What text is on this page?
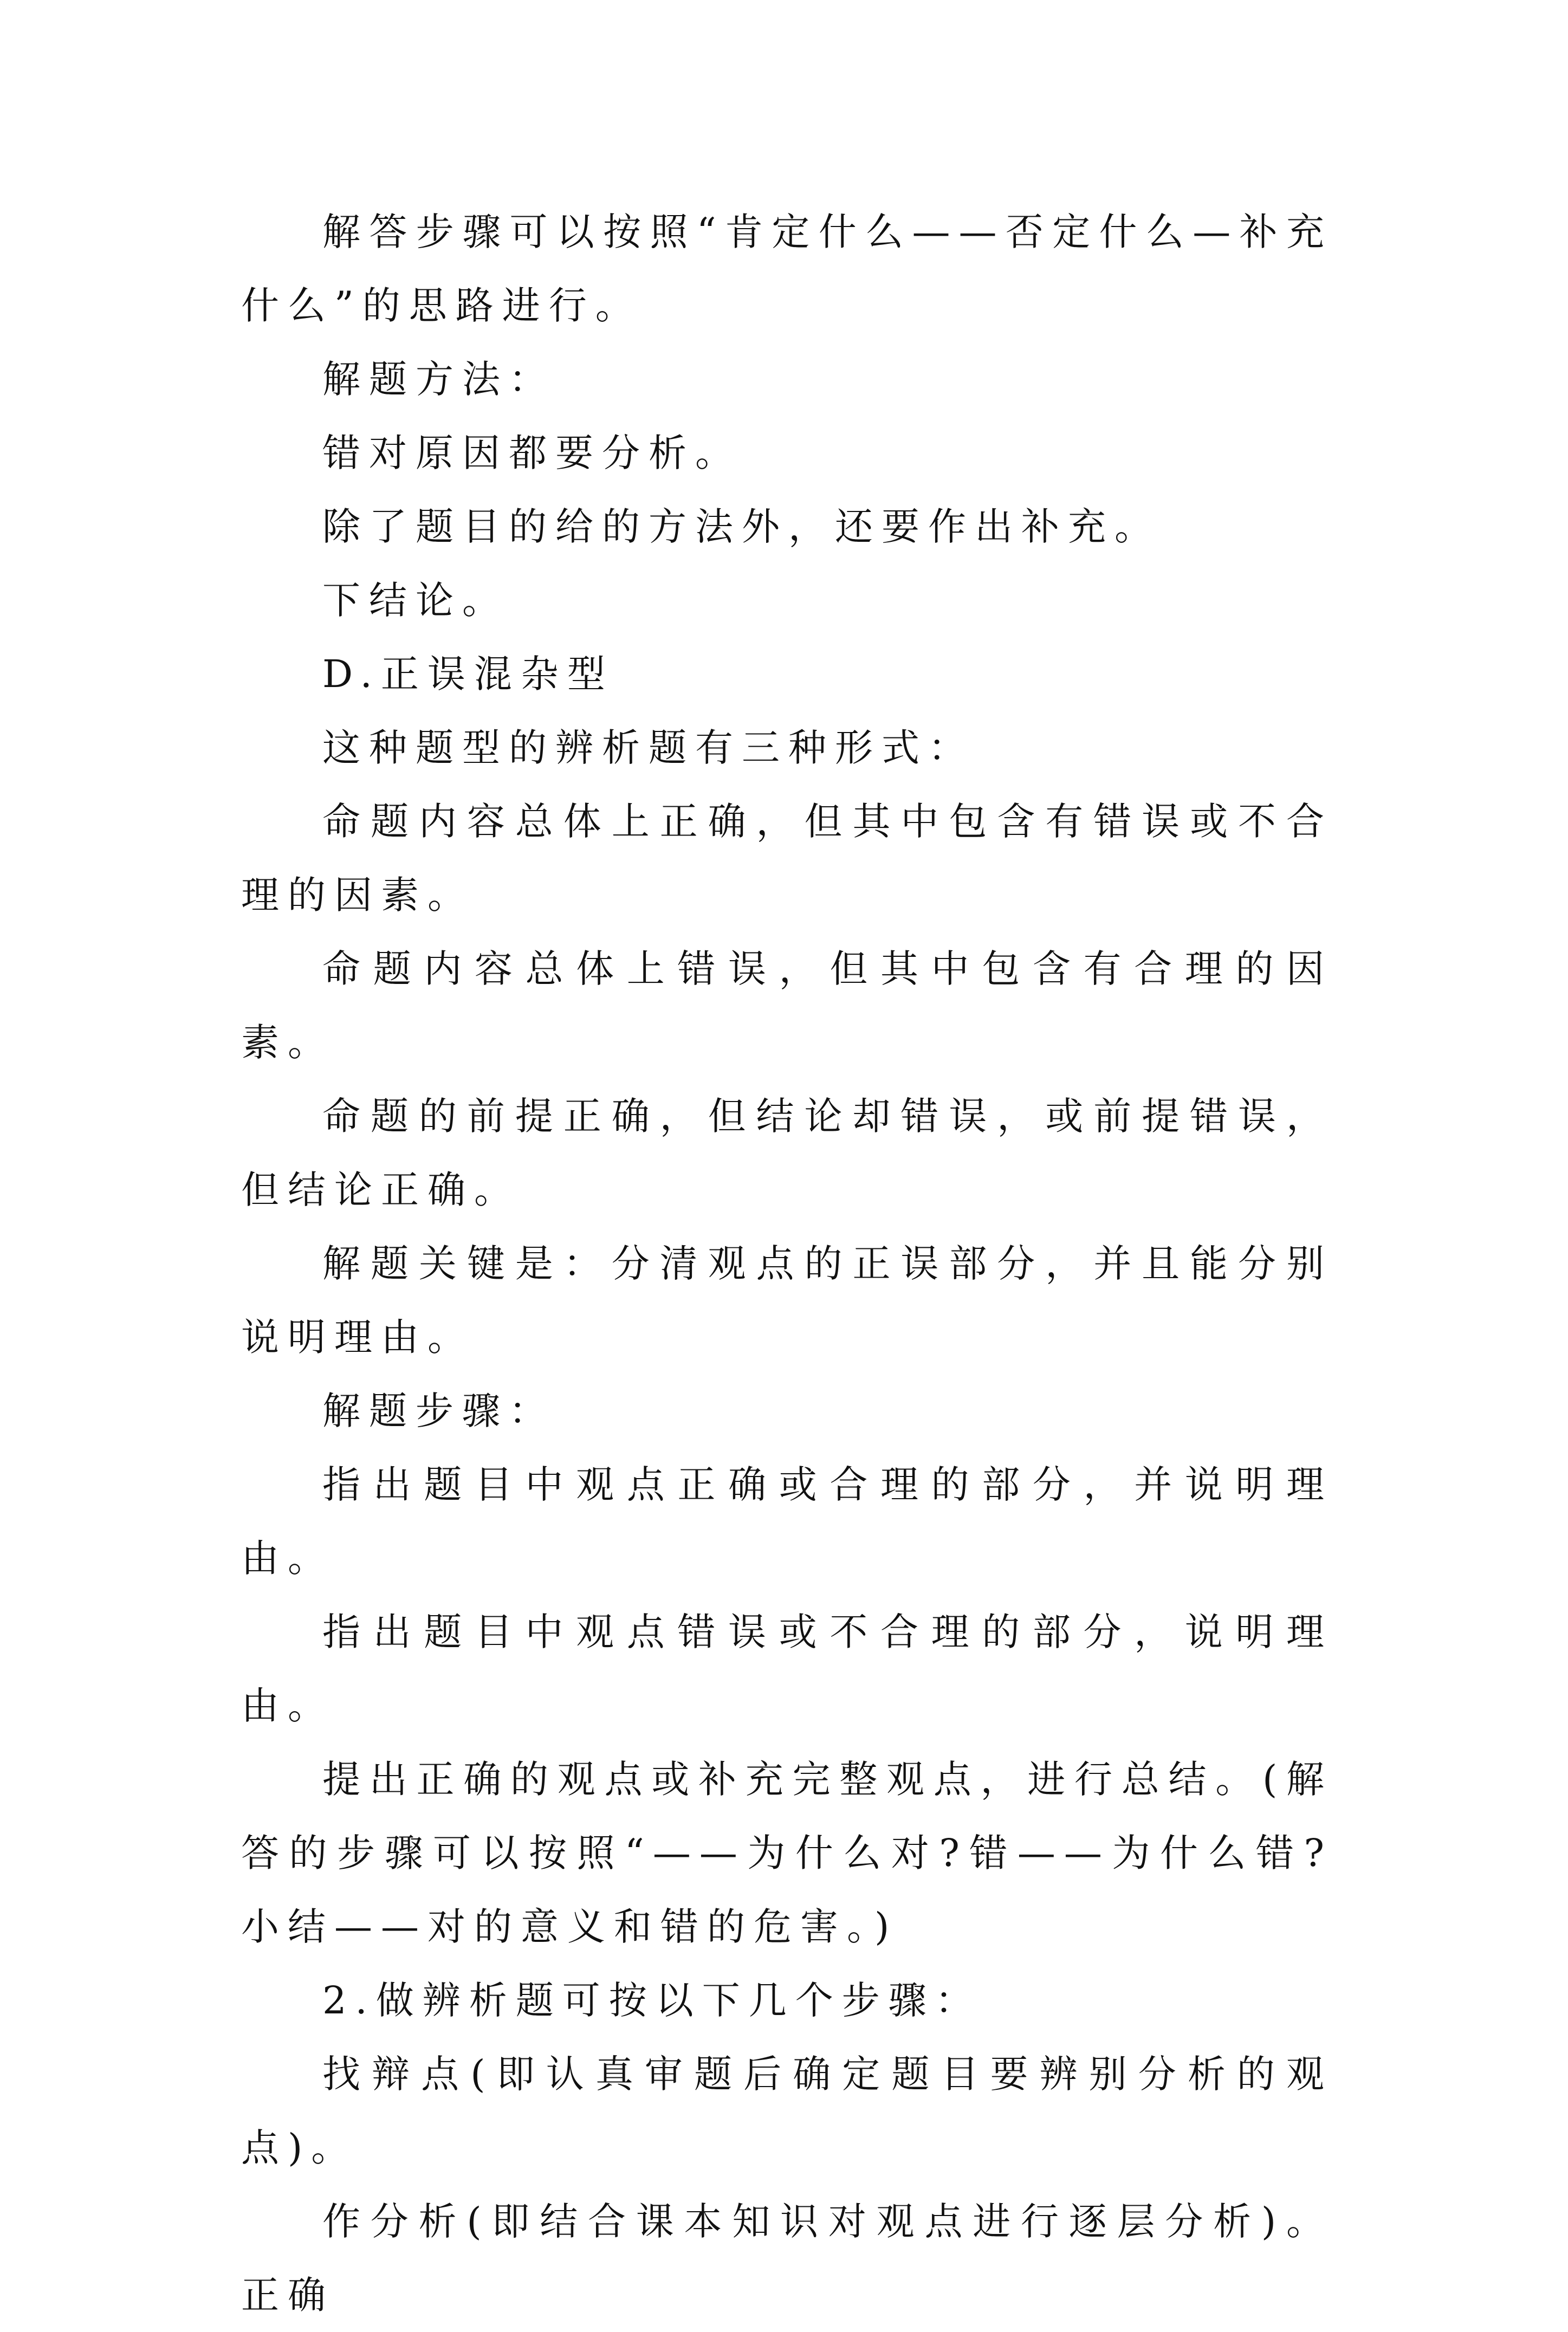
解答步骤可以按照“肯定什么——否定什么—补充什么”的思路进行。

解题方法：

错对原因都要分析。

除了题目的给的方法外，还要作出补充。

下结论。

D.正误混杂型

这种题型的辨析题有三种形式：

命题内容总体上正确，但其中包含有错误或不合理的因素。

命题内容总体上错误，但其中包含有合理的因素。

命题的前提正确，但结论却错误，或前提错误，但结论正确。

解题关键是：分清观点的正误部分，并且能分别说明理由。

解题步骤：

指出题目中观点正确或合理的部分，并说明理由。

指出题目中观点错误或不合理的部分，说明理由。

提出正确的观点或补充完整观点，进行总结。(解答的步骤可以按照“——为什么对?错——为什么错?小结——对的意义和错的危害。)

2.做辨析题可按以下几个步骤：

找辩点(即认真审题后确定题目要辨别分析的观点)。

作分析(即结合课本知识对观点进行逐层分析)。正确
